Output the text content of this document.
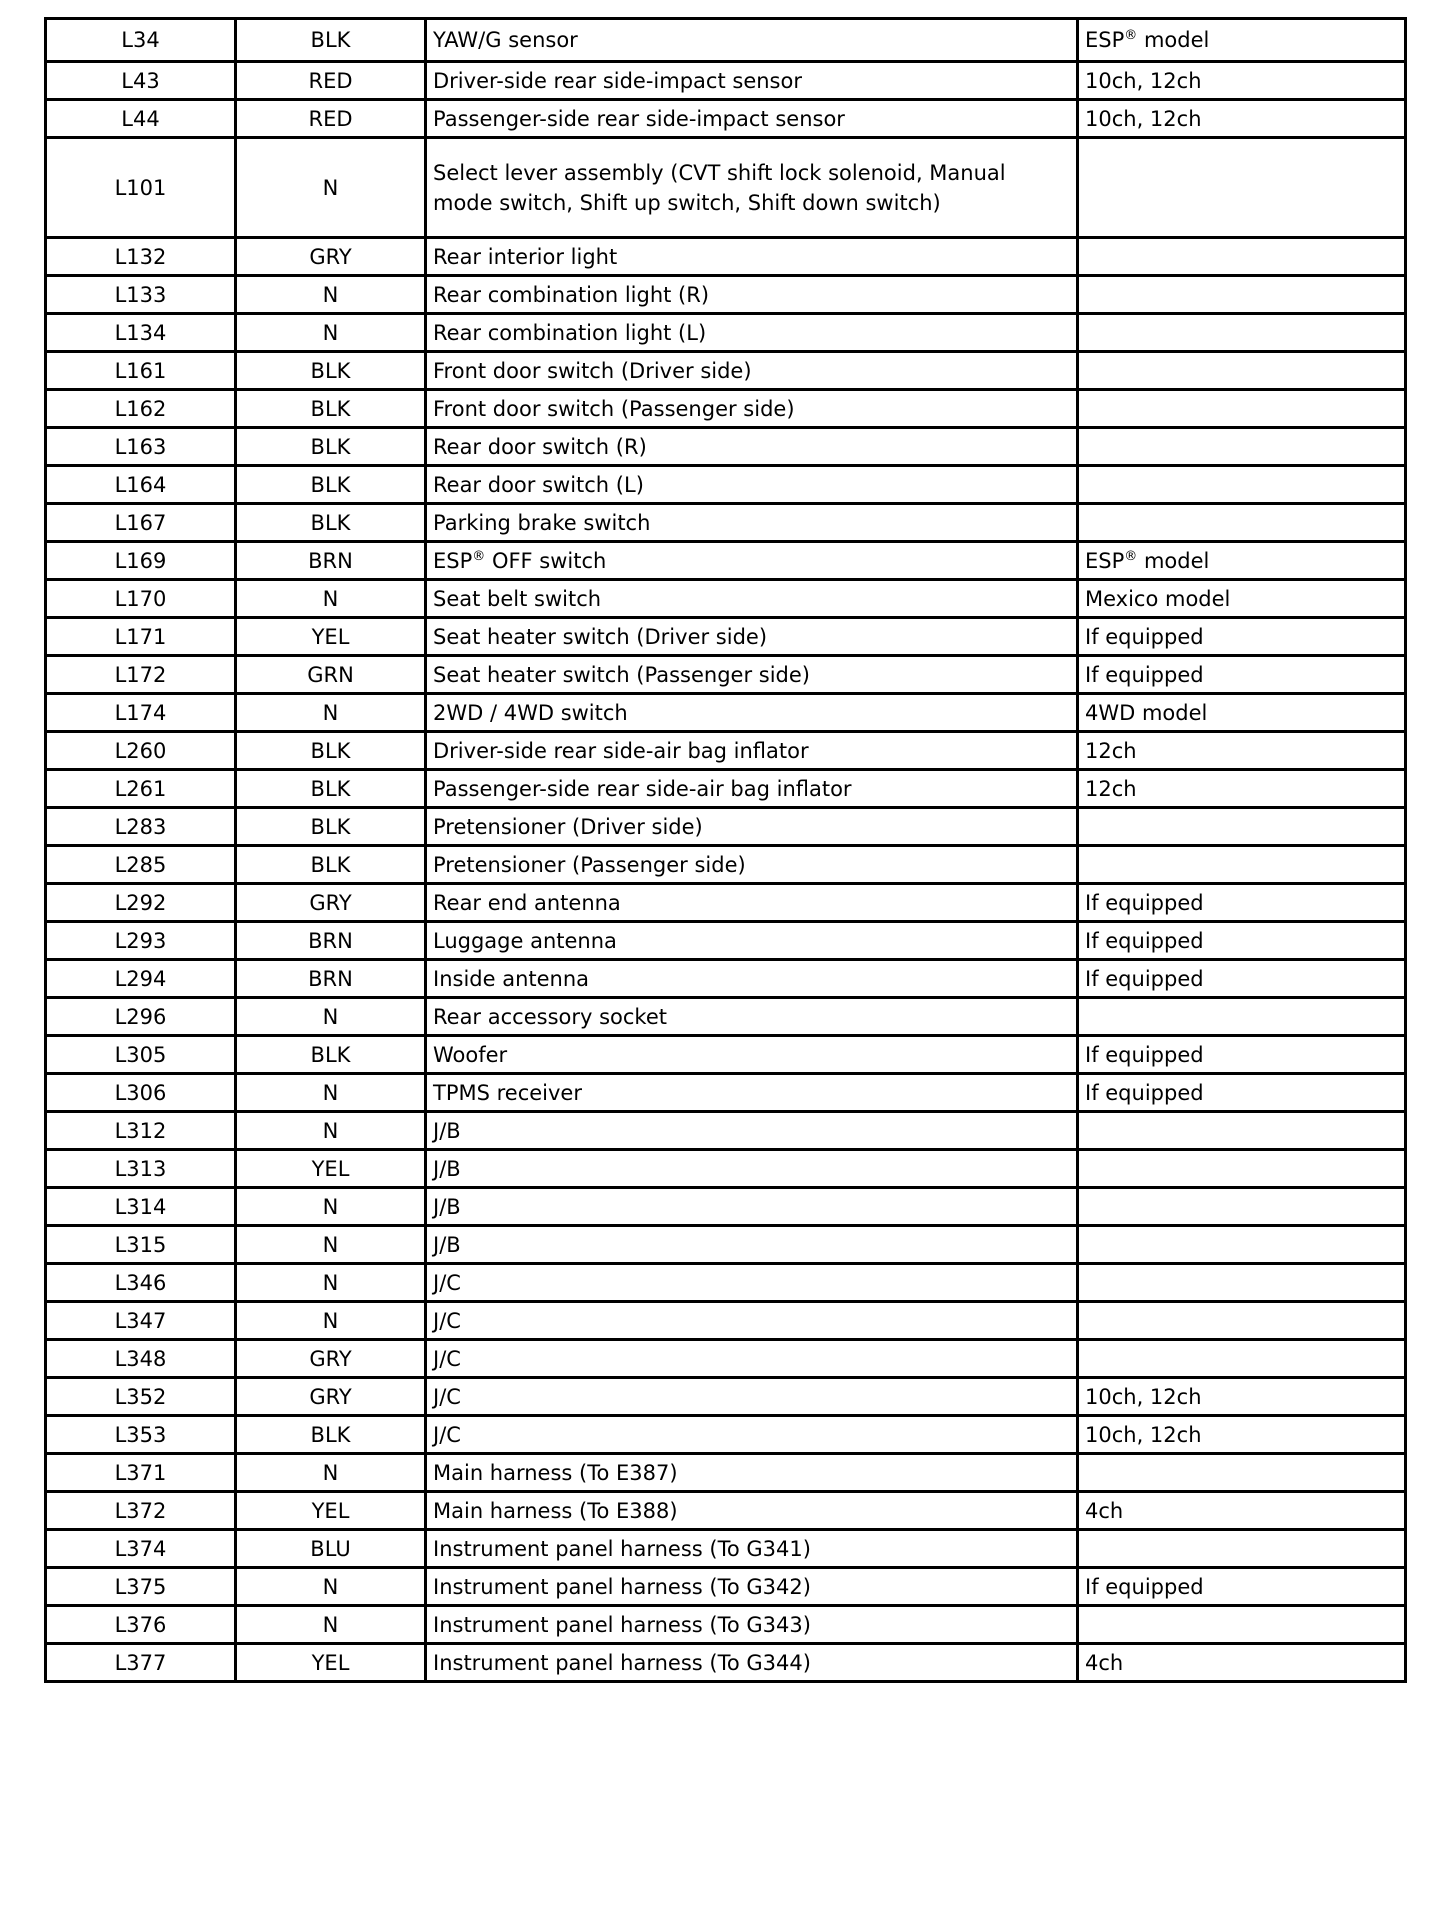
L34	BLK	YAW/G sensor	ESP® model
L43	RED	Driver-side rear side-impact sensor	10ch, 12ch
L44	RED	Passenger-side rear side-impact sensor	10ch, 12ch
L101	N	Select lever assembly (CVT shift lock solenoid, Manual mode switch, Shift up switch, Shift down switch)	
L132	GRY	Rear interior light	
L133	N	Rear combination light (R)	
L134	N	Rear combination light (L)	
L161	BLK	Front door switch (Driver side)	
L162	BLK	Front door switch (Passenger side)	
L163	BLK	Rear door switch (R)	
L164	BLK	Rear door switch (L)	
L167	BLK	Parking brake switch	
L169	BRN	ESP® OFF switch	ESP® model
L170	N	Seat belt switch	Mexico model
L171	YEL	Seat heater switch (Driver side)	If equipped
L172	GRN	Seat heater switch (Passenger side)	If equipped
L174	N	2WD / 4WD switch	4WD model
L260	BLK	Driver-side rear side-air bag inflator	12ch
L261	BLK	Passenger-side rear side-air bag inflator	12ch
L283	BLK	Pretensioner (Driver side)	
L285	BLK	Pretensioner (Passenger side)	
L292	GRY	Rear end antenna	If equipped
L293	BRN	Luggage antenna	If equipped
L294	BRN	Inside antenna	If equipped
L296	N	Rear accessory socket	
L305	BLK	Woofer	If equipped
L306	N	TPMS receiver	If equipped
L312	N	J/B	
L313	YEL	J/B	
L314	N	J/B	
L315	N	J/B	
L346	N	J/C	
L347	N	J/C	
L348	GRY	J/C	
L352	GRY	J/C	10ch, 12ch
L353	BLK	J/C	10ch, 12ch
L371	N	Main harness (To E387)	
L372	YEL	Main harness (To E388)	4ch
L374	BLU	Instrument panel harness (To G341)	
L375	N	Instrument panel harness (To G342)	If equipped
L376	N	Instrument panel harness (To G343)	
L377	YEL	Instrument panel harness (To G344)	4ch
